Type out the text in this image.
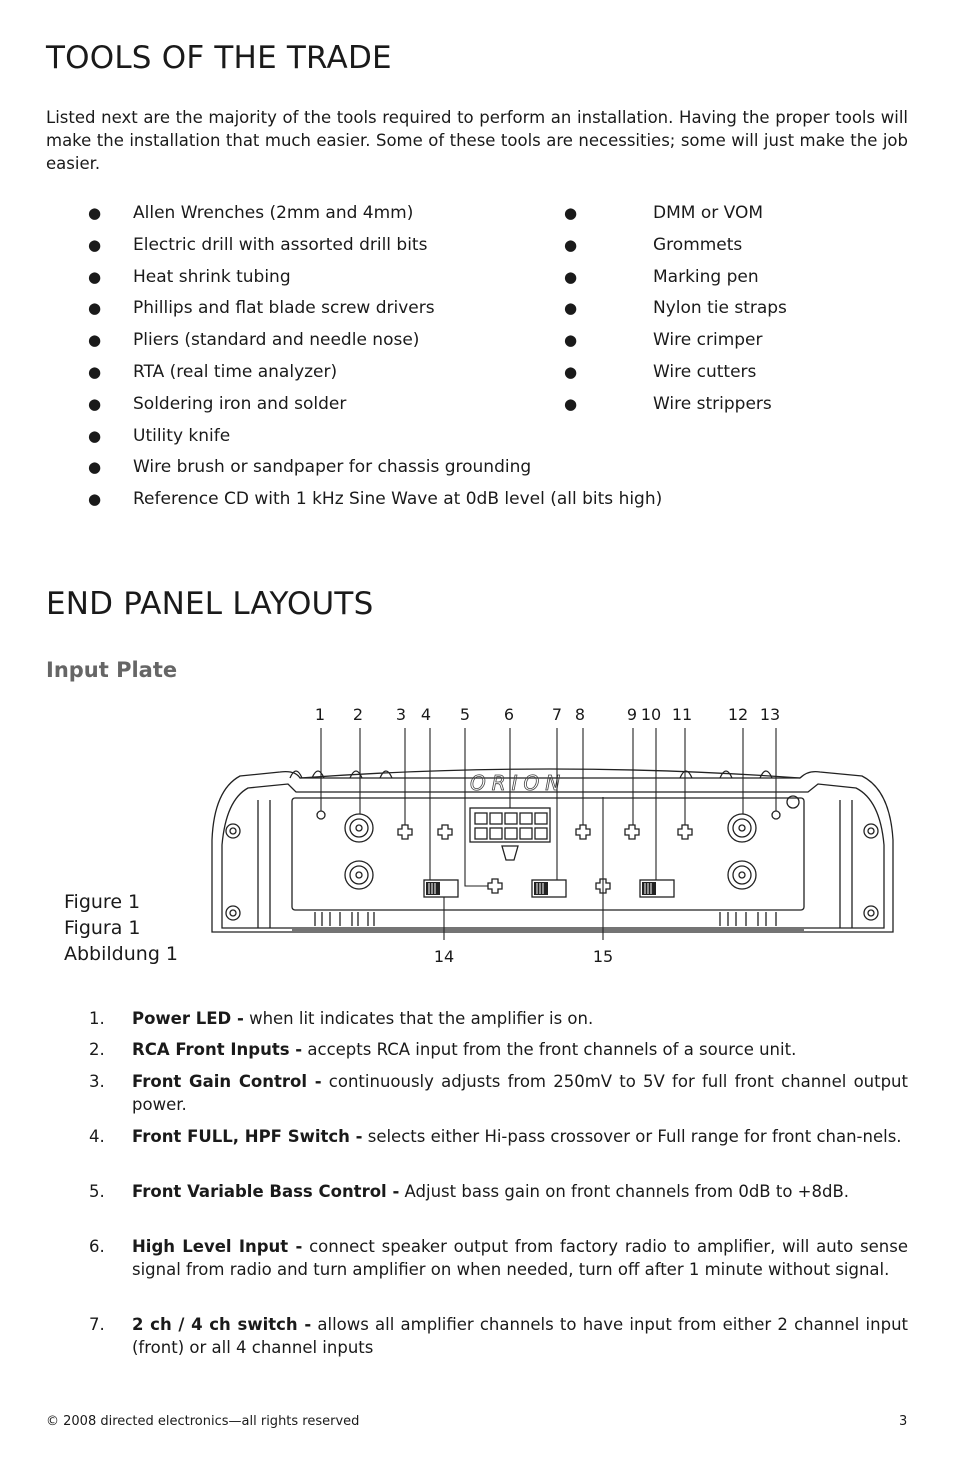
TOOLS OF THE TRADE
Listed next are the majority of the tools required to perform an installation. Having the proper tools will make the installation that much easier. Some of these tools are necessities; some will just make the job easier.
● Allen Wrenches (2mm and 4mm)
● Electric drill with assorted drill bits
● Heat shrink tubing
● Phillips and flat blade screw drivers
● Pliers (standard and needle nose)
● RTA (real time analyzer)
● Soldering iron and solder
● Utility knife
● Wire brush or sandpaper for chassis grounding
● Reference CD with 1 kHz Sine Wave at 0dB level (all bits high)
●	DMM or VOM
●	Grommets
●	Marking pen
●	Nylon tie straps
●	Wire crimper
●	Wire cutters
●	Wire strippers
END PANEL LAYOUTS
Input Plate
Figure 1
Figura 1
Abbildung 1
ORION
1 2 3 4 5 6 7 8	9 10 11 12 13
14	15
1. Power LED - when lit indicates that the amplifier is on.
2. RCA Front Inputs - accepts RCA input from the front channels of a source unit.
3. Front Gain Control - continuously adjusts from 250mV to 5V for full front channel output power.
4. Front FULL, HPF Switch - selects either Hi-pass crossover or Full range for front chan-nels.
5. Front Variable Bass Control - Adjust bass gain on front channels from 0dB to +8dB.
6. High Level Input - connect speaker output from factory radio to amplifier, will auto sense signal from radio and turn amplifier on when needed, turn off after 1 minute without signal.
7. 2 ch / 4 ch switch - allows all amplifier channels to have input from either 2 channel input (front) or all 4 channel inputs
© 2008 directed electronics—all rights reserved	3
